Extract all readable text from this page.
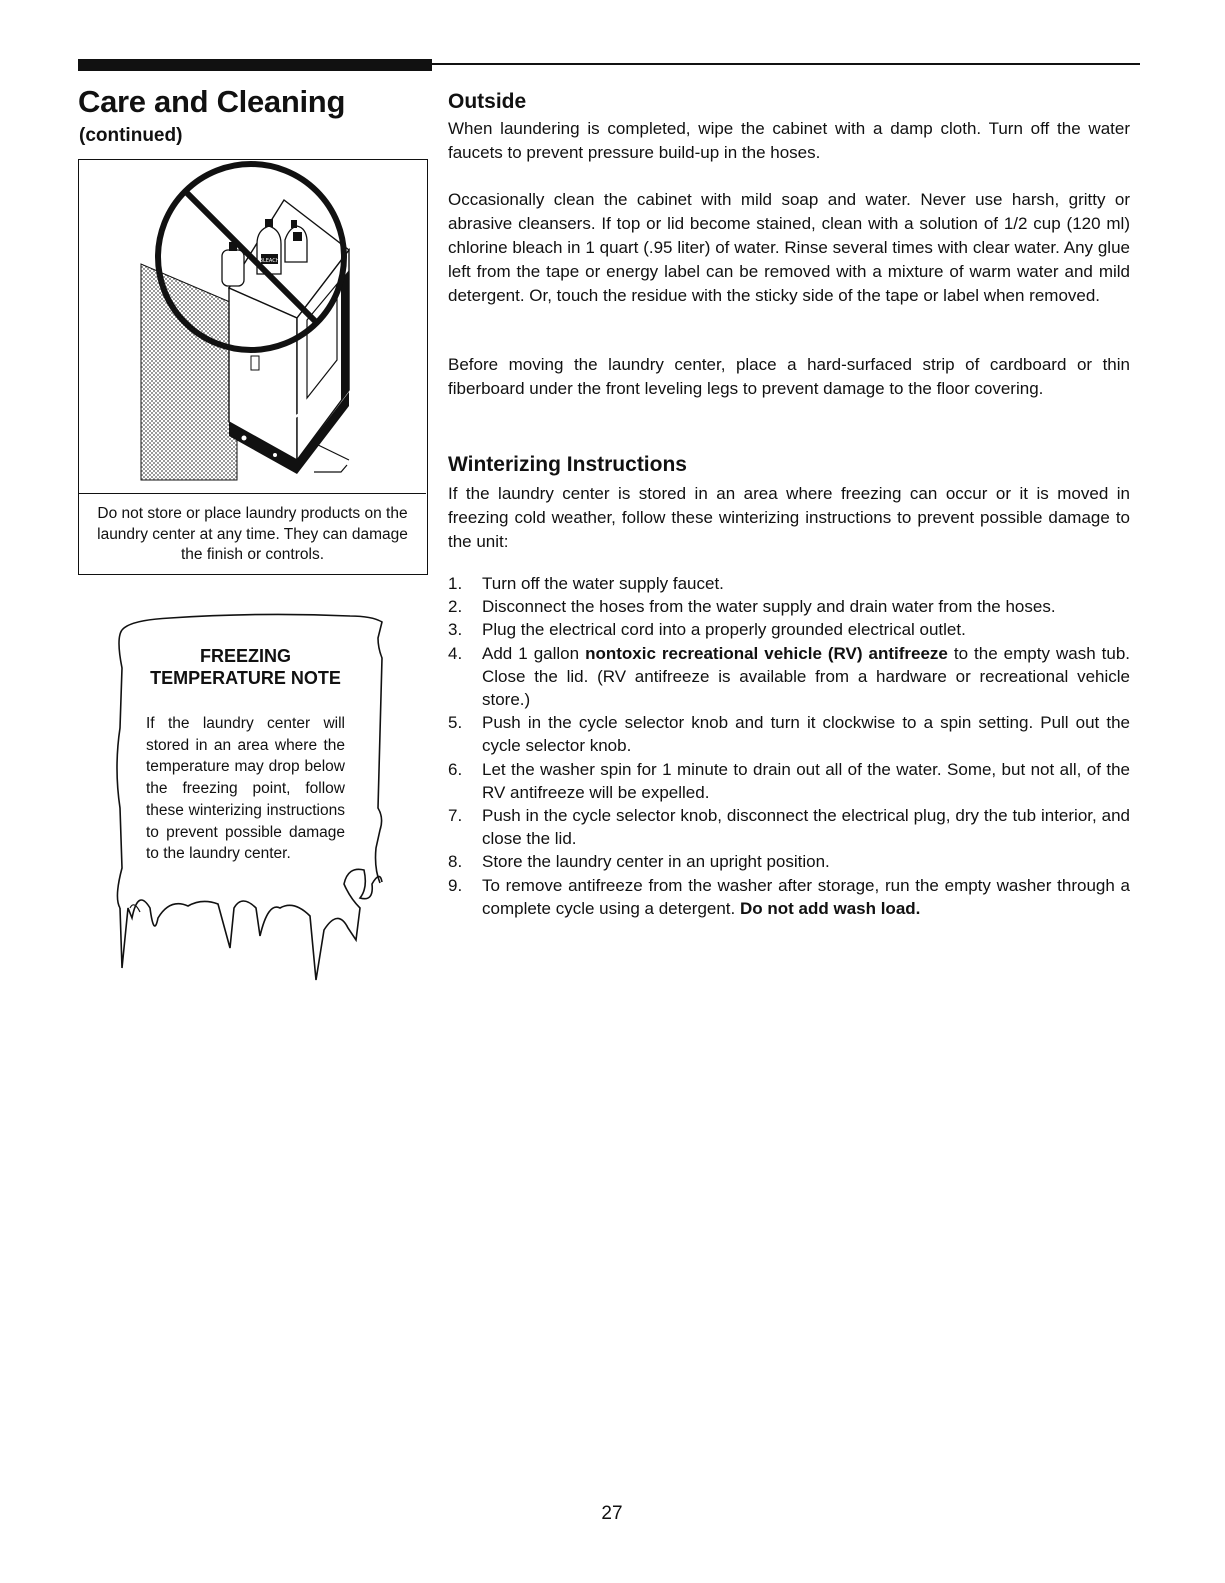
Care and Cleaning
(continued)
BLEACH
Do not store or place laundry products on the laundry center at any time. They can damage the finish or controls.
FREEZING
TEMPERATURE NOTE

If the laundry center will stored in an area where the temperature may drop below the freezing point, follow these winterizing instructions to prevent possible damage to the laundry center.

Outside

When laundering is completed, wipe the cabinet with a damp cloth. Turn off the water faucets to prevent pressure build-up in the hoses.

Occasionally clean the cabinet with mild soap and water. Never use harsh, gritty or abrasive cleansers. If top or lid become stained, clean with a solution of 1/2 cup (120 ml) chlorine bleach in 1 quart (.95 liter) of water. Rinse several times with clear water. Any glue left from the tape or energy label can be removed with a mixture of warm water and mild detergent. Or, touch the residue with the sticky side of the tape or label when removed.

Before moving the laundry center, place a hard-surfaced strip of cardboard or thin fiberboard under the front leveling legs to prevent damage to the floor covering.

Winterizing Instructions

If the laundry center is stored in an area where freezing can occur or it is moved in freezing cold weather, follow these winterizing instructions to prevent possible damage to the unit:

1. Turn off the water supply faucet.
2. Disconnect the hoses from the water supply and drain water from the hoses.
3. Plug the electrical cord into a properly grounded electrical outlet.
4. Add 1 gallon nontoxic recreational vehicle (RV) antifreeze to the empty wash tub. Close the lid. (RV antifreeze is available from a hardware or recreational vehicle store.)
5. Push in the cycle selector knob and turn it clockwise to a spin setting. Pull out the cycle selector knob.
6. Let the washer spin for 1 minute to drain out all of the water. Some, but not all, of the RV antifreeze will be expelled.
7. Push in the cycle selector knob, disconnect the electrical plug, dry the tub interior, and close the lid.
8. Store the laundry center in an upright position.
9. To remove antifreeze from the washer after storage, run the empty washer through a complete cycle using a detergent. Do not add wash load.
27
